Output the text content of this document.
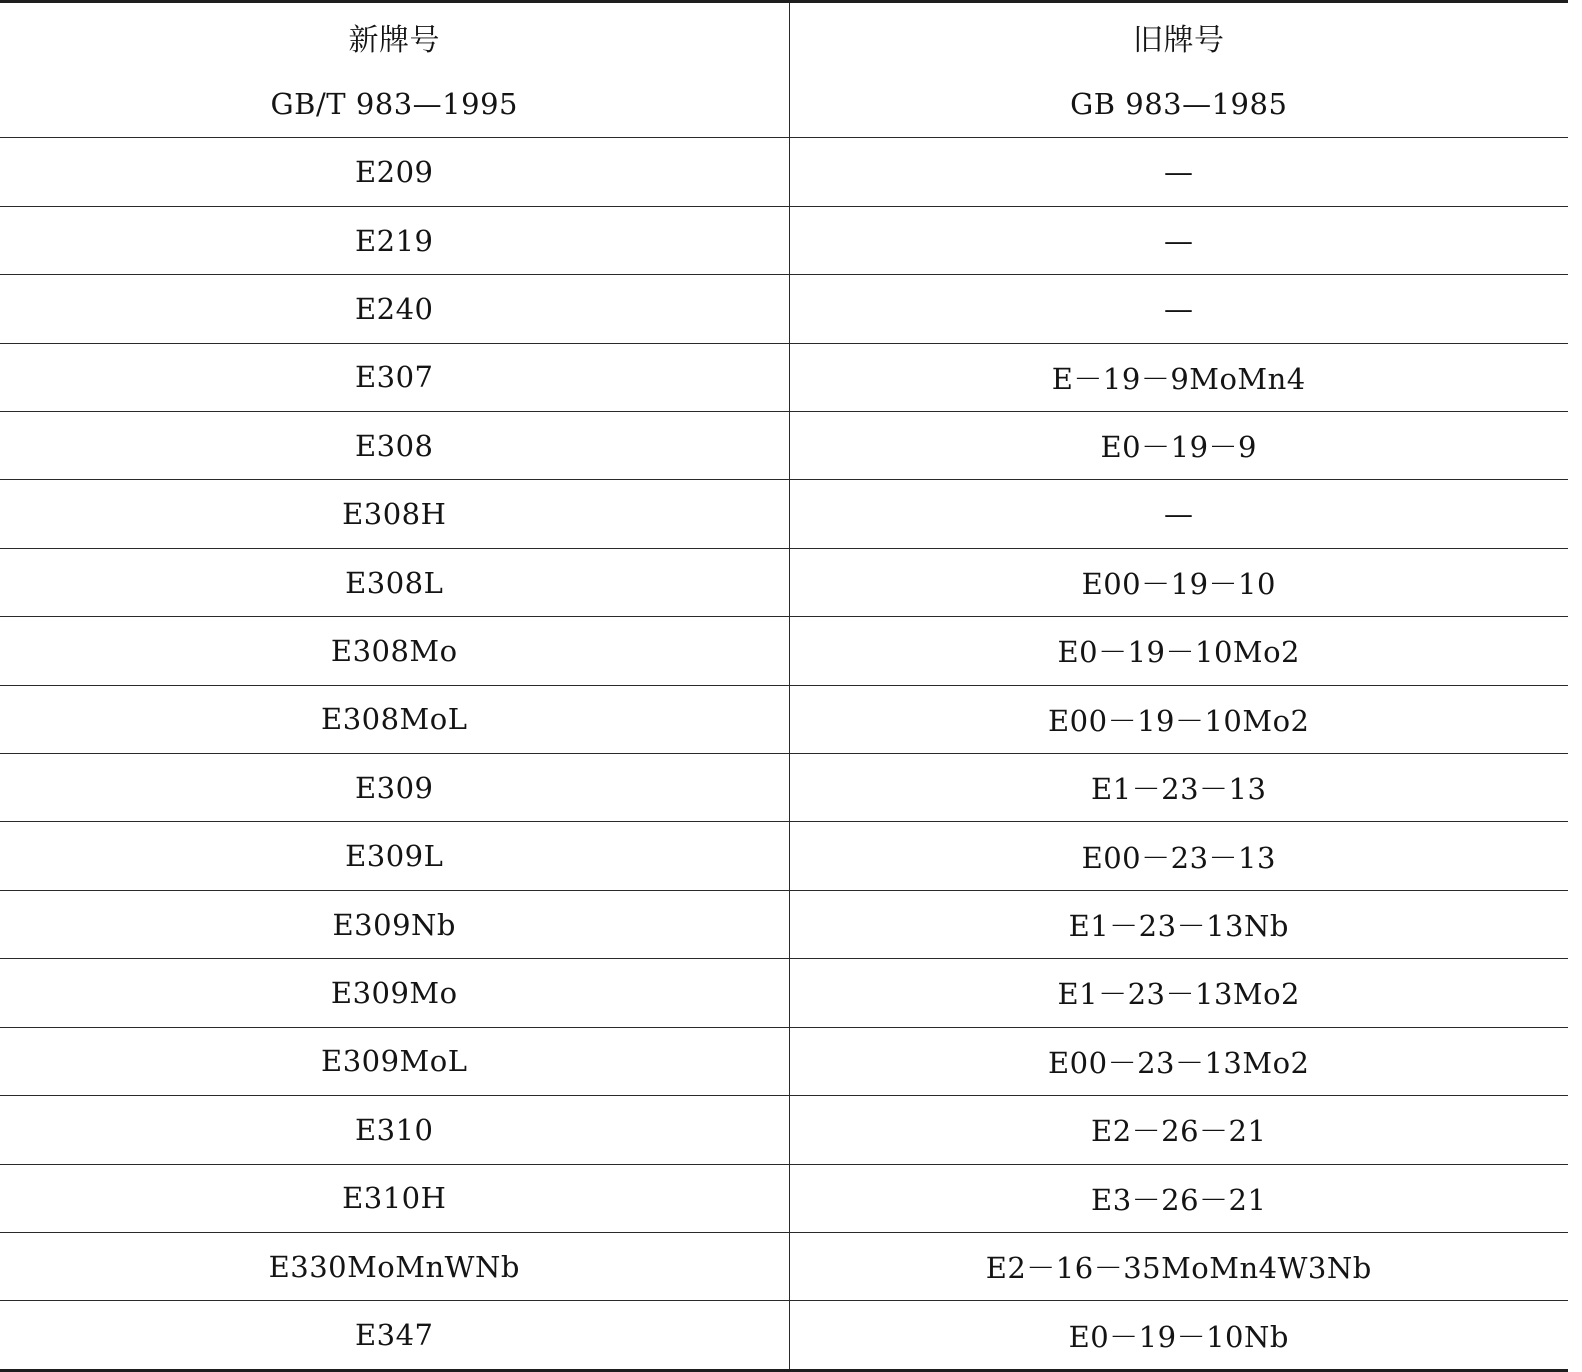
新牌号	旧牌号
GB/T 983—1995	GB 983—1985
E209	—
E219	—
E240	—
E307	E－19－9MoMn4
E308	E0－19－9
E308H	—
E308L	E00－19－10
E308Mo	E0－19－10Mo2
E308MoL	E00－19－10Mo2
E309	E1－23－13
E309L	E00－23－13
E309Nb	E1－23－13Nb
E309Mo	E1－23－13Mo2
E309MoL	E00－23－13Mo2
E310	E2－26－21
E310H	E3－26－21
E330MoMnWNb	E2－16－35MoMn4W3Nb
E347	E0－19－10Nb
